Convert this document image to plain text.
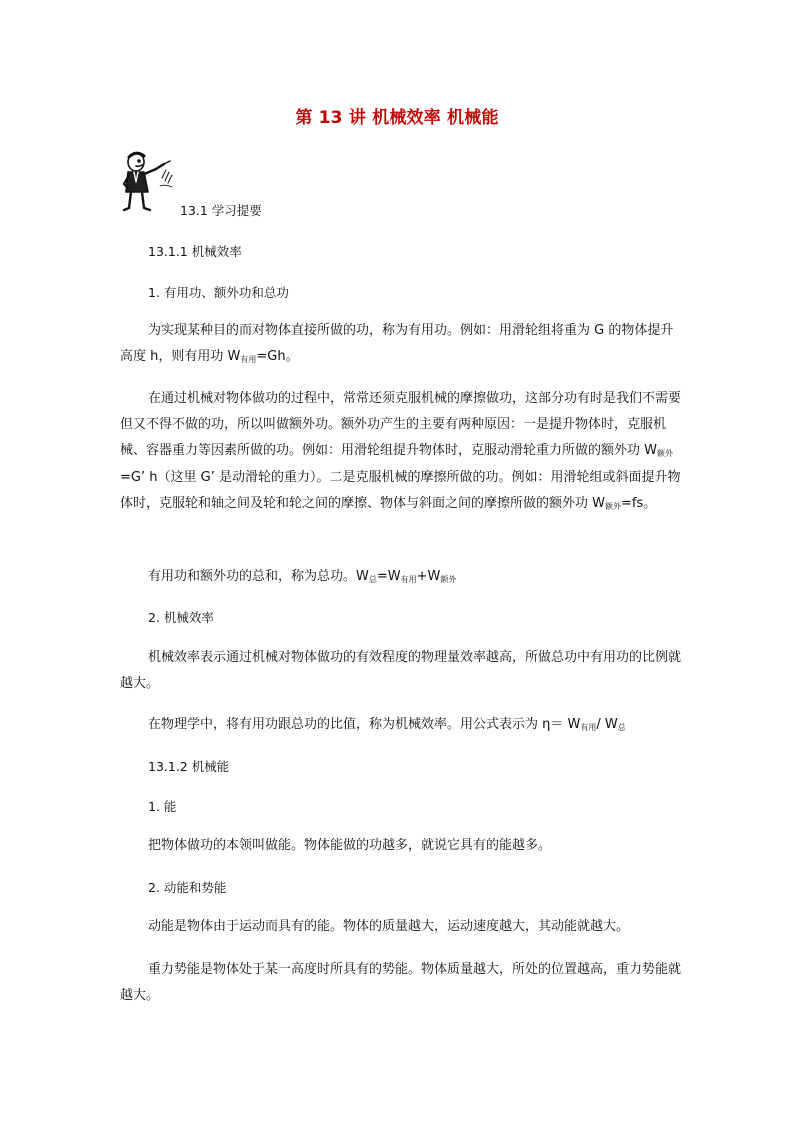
第 13 讲 机械效率 机械能
13.1 学习提要
13.1.1 机械效率
1. 有用功、额外功和总功
为实现某种目的而对物体直接所做的功，称为有用功。例如：用滑轮组将重为 G 的物体提升高度 h，则有用功 W有用=Gh。
在通过机械对物体做功的过程中，常常还须克服机械的摩擦做功，这部分功有时是我们不需要但又不得不做的功，所以叫做额外功。额外功产生的主要有两种原因：一是提升物体时，克服机械、容器重力等因素所做的功。例如：用滑轮组提升物体时，克服动滑轮重力所做的额外功 W额外=G’ h（这里 G’ 是动滑轮的重力）。二是克服机械的摩擦所做的功。例如：用滑轮组或斜面提升物体时，克服轮和轴之间及轮和轮之间的摩擦、物体与斜面之间的摩擦所做的额外功 W额外=fs。
有用功和额外功的总和，称为总功。W总=W有用+W额外
2. 机械效率
机械效率表示通过机械对物体做功的有效程度的物理量效率越高，所做总功中有用功的比例就越大。
在物理学中，将有用功跟总功的比值，称为机械效率。用公式表示为 η＝ W有用/ W总
13.1.2 机械能
1. 能
把物体做功的本领叫做能。物体能做的功越多，就说它具有的能越多。
2. 动能和势能
动能是物体由于运动而具有的能。物体的质量越大，运动速度越大，其动能就越大。
重力势能是物体处于某一高度时所具有的势能。物体质量越大，所处的位置越高，重力势能就越大。
